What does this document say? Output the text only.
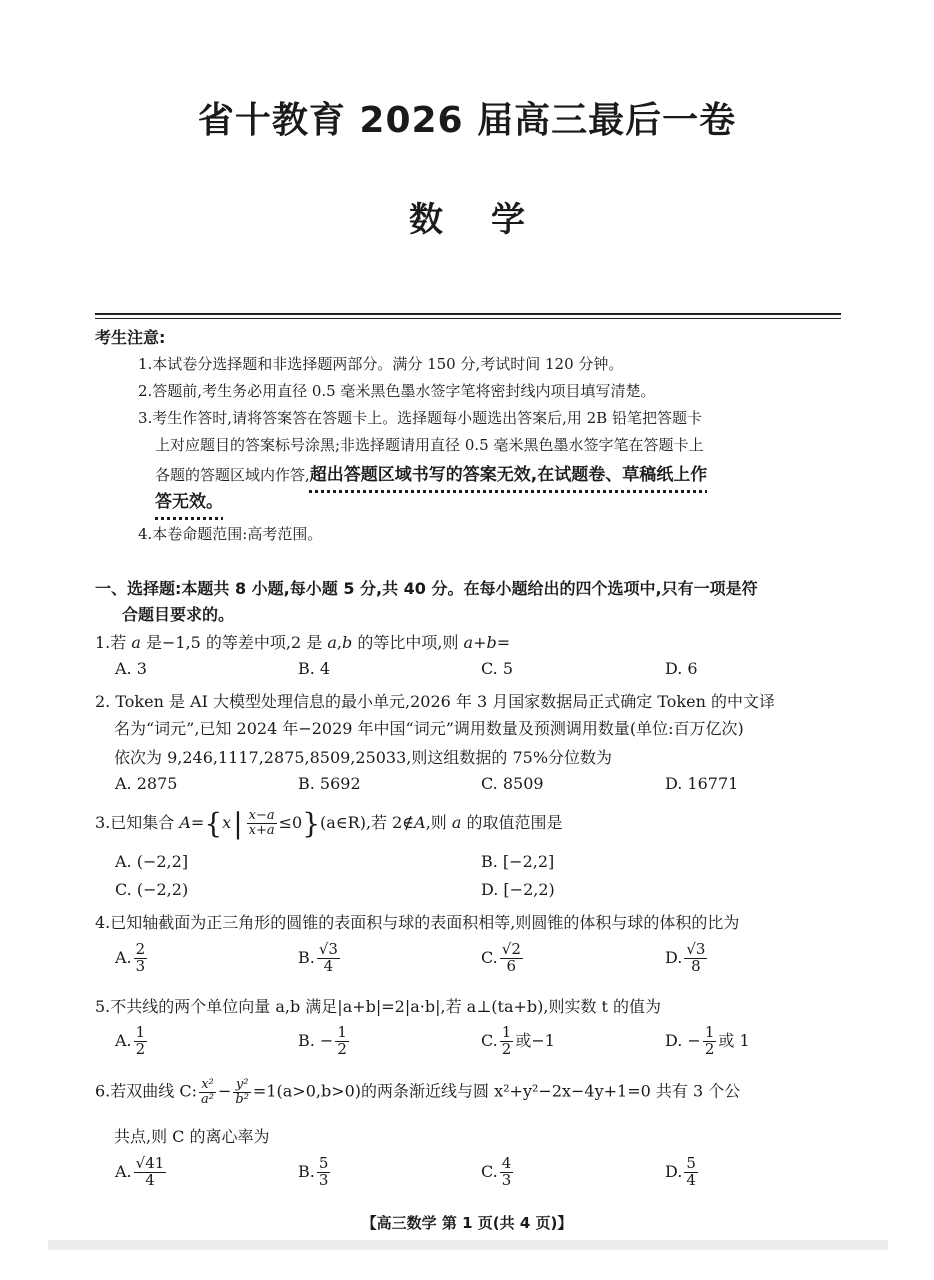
省十教育 2026 届高三最后一卷
数学
考生注意:
1.本试卷分选择题和非选择题两部分。满分 150 分,考试时间 120 分钟。
2.答题前,考生务必用直径 0.5 毫米黑色墨水签字笔将密封线内项目填写清楚。
3.考生作答时,请将答案答在答题卡上。选择题每小题选出答案后,用 2B 铅笔把答题卡
上对应题目的答案标号涂黑;非选择题请用直径 0.5 毫米黑色墨水签字笔在答题卡上
各题的答题区域内作答,超出答题区域书写的答案无效,在试题卷、草稿纸上作
答无效。
4.本卷命题范围:高考范围。
一、选择题:本题共 8 小题,每小题 5 分,共 40 分。在每小题给出的四个选项中,只有一项是符
合题目要求的。
1.若 a 是−1,5 的等差中项,2 是 a,b 的等比中项,则 a+b=
A. 3	B. 4	C. 5	D. 6
2. Token 是 AI 大模型处理信息的最小单元,2026 年 3 月国家数据局正式确定 Token 的中文译
名为“词元”,已知 2024 年−2029 年中国“词元”调用数量及预测调用数量(单位:百万亿次)
依次为 9,246,1117,2875,8509,25033,则这组数据的 75%分位数为
A. 2875	B. 5692	C. 8509	D. 16771
3.已知集合 $A=\{x| \frac{x-a}{x+a}$ ≤0}(a∈R),若 2∉A,则 a 的取值范围是
A. (−2,2]	B. [−2,2]
C. (−2,2)	D. [−2,2)
4.已知轴截面为正三角形的圆锥的表面积与球的表面积相等,则圆锥的体积与球的体积的比为
A. $\frac{2}{3}$	B. $\frac{√3}{4}$	C. $\frac{√2}{6}$	D. $\frac{√3}{8}$
5.不共线的两个单位向量 a,b 满足|a+b|=2|a·b|,若 a⊥(ta+b),则实数 t 的值为
A. $\frac{1}{2}$	B. − $\frac{1}{2}$	C. $\frac{1}{2}$ 或−1	D. − $\frac{1}{2}$ 或 1
6.若双曲线 C: $\frac{\text{x²}}{\text{a²}} - \frac{\text{y²}}{\text{b²}} =1(a>0,b>0)$的两条渐近线与圆 x²+y²−2x−4y+1=0 共有 3 个公
共点,则 C 的离心率为
A. $\frac{√41}{4}$	B. $\frac{5}{3}$	C. $\frac{4}{3}$	D. $\frac{5}{4}$
【高三数学 第 1 页(共 4 页)】
